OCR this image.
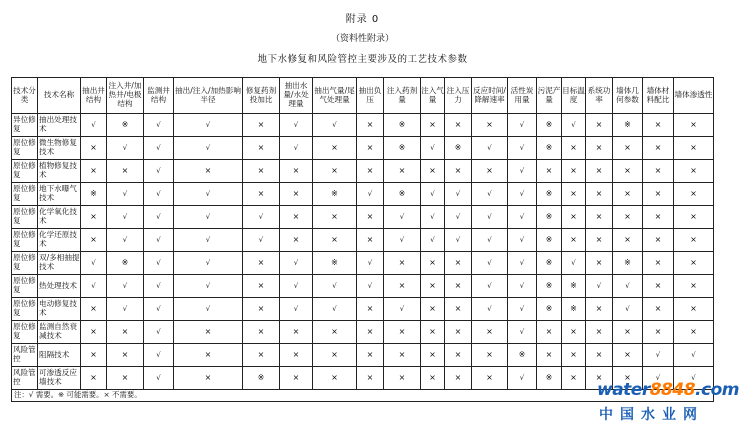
附录 0
（资料性附录）
地下水修复和风险管控主要涉及的工艺技术参数
技术分类	技术名称	抽出井结构	注入井/加热井/电极结构	监测井结构	抽出/注入/加热影响半径	修复药剂投加比	抽出水量/水处理量	抽出气量/尾气处理量	抽出负压	注入药剂量	注入气量	注入压力	反应时间/降解速率	活性炭用量	污泥产量	目标温度	系统功率	墙体几何参数	墙体材料配比	墙体渗透性	
异位修复	抽出处理技术	√	※	√	√	×	√	√	×	※	×	×	×	√	※	√	×	※	×	×	
原位修复	微生物修复技术	×	√	√	√	×	√	×	×	※	√	※	√	√	※	×	×	×	×	×	
原位修复	植物修复技术	×	×	√	×	×	×	×	×	×	×	×	×	√	×	×	×	×	×	×	
原位修复	地下水曝气技术	※	√	√	√	×	×	※	√	※	√	√	√	√	※	×	×	×	×	×	
原位修复	化学氧化技术	×	√	√	√	√	×	×	×	√	√	√	√	√	※	×	×	×	×	×	
原位修复	化学还原技术	×	√	√	√	√	×	×	×	√	√	√	√	√	※	×	×	×	×	×	
原位修复	双/多相抽提技术	√	※	√	√	×	√	※	√	×	×	×	√	√	※	√	×	※	×	×	
原位修复	热处理技术	√	√	√	√	×	√	√	√	×	×	×	√	√	※	※	√	√	×	×	
原位修复	电动修复技术	×	√	√	√	×	√	√	×	√	×	×	√	√	※	※	×	√	×	×	
原位修复	监测自然衰减技术	×	×	√	×	×	×	×	×	×	×	×	×	√	×	×	×	×	×	×	
风险管控	阻隔技术	×	×	√	×	×	×	×	×	×	×	×	×	※	×	×	×	×	√	√	
风险管控	可渗透反应墙技术	×	×	√	×	※	×	×	×	×	×	×	×	√	※	×	×	×	√	√	
注：√ 需要。※ 可能需要。× 不需要。																						water8848.com
中国水业网
